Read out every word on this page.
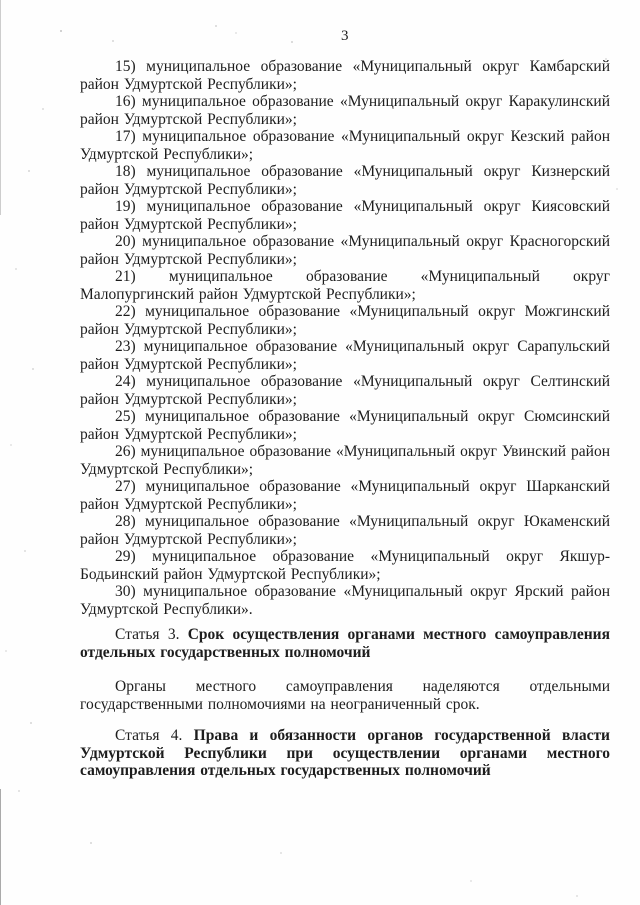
3

15) муниципальное образование «Муниципальный округ Камбарский район Удмуртской Республики»;

16) муниципальное образование «Муниципальный округ Каракулинский район Удмуртской Республики»;

17) муниципальное образование «Муниципальный округ Кезский район Удмуртской Республики»;

18) муниципальное образование «Муниципальный округ Кизнерский район Удмуртской Республики»;

19) муниципальное образование «Муниципальный округ Киясовский район Удмуртской Республики»;

20) муниципальное образование «Муниципальный округ Красногорский район Удмуртской Республики»;

21) муниципальное образование «Муниципальный округ Малопургинский район Удмуртской Республики»;

22) муниципальное образование «Муниципальный округ Можгинский район Удмуртской Республики»;

23) муниципальное образование «Муниципальный округ Сарапульский район Удмуртской Республики»;

24) муниципальное образование «Муниципальный округ Селтинский район Удмуртской Республики»;

25) муниципальное образование «Муниципальный округ Сюмсинский район Удмуртской Республики»;

26) муниципальное образование «Муниципальный округ Увинский район Удмуртской Республики»;

27) муниципальное образование «Муниципальный округ Шарканский район Удмуртской Республики»;

28) муниципальное образование «Муниципальный округ Юкаменский район Удмуртской Республики»;

29) муниципальное образование «Муниципальный округ Якшур-Бодьинский район Удмуртской Республики»;

30) муниципальное образование «Муниципальный округ Ярский район Удмуртской Республики».

Статья 3. Срок осуществления органами местного самоуправления отдельных государственных полномочий

Органы местного самоуправления наделяются отдельными государственными полномочиями на неограниченный срок.

Статья 4. Права и обязанности органов государственной власти Удмуртской Республики при осуществлении органами местного самоуправления отдельных государственных полномочий
